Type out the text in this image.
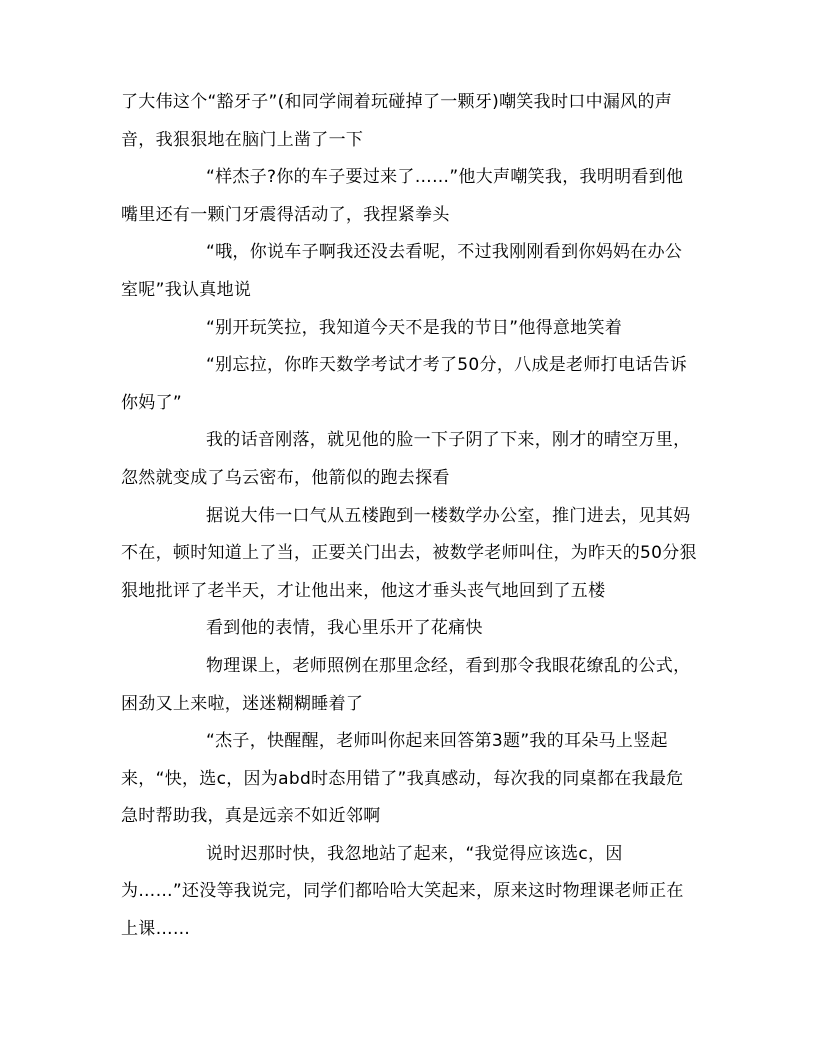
了大伟这个“豁牙子”(和同学闹着玩碰掉了一颗牙)嘲笑我时口中漏风的声音，我狠狠地在脑门上凿了一下

“样杰子?你的车子要过来了……”他大声嘲笑我，我明明看到他嘴里还有一颗门牙震得活动了，我捏紧拳头

“哦，你说车子啊我还没去看呢，不过我刚刚看到你妈妈在办公室呢”我认真地说

“别开玩笑拉，我知道今天不是我的节日”他得意地笑着

“别忘拉，你昨天数学考试才考了50分，八成是老师打电话告诉你妈了”

我的话音刚落，就见他的脸一下子阴了下来，刚才的晴空万里，忽然就变成了乌云密布，他箭似的跑去探看

据说大伟一口气从五楼跑到一楼数学办公室，推门进去，见其妈不在，顿时知道上了当，正要关门出去，被数学老师叫住，为昨天的50分狠狠地批评了老半天，才让他出来，他这才垂头丧气地回到了五楼

看到他的表情，我心里乐开了花痛快

物理课上，老师照例在那里念经，看到那令我眼花缭乱的公式，困劲又上来啦，迷迷糊糊睡着了

“杰子，快醒醒，老师叫你起来回答第3题”我的耳朵马上竖起来，“快，选c，因为abd时态用错了”我真感动，每次我的同桌都在我最危急时帮助我，真是远亲不如近邻啊

说时迟那时快，我忽地站了起来，“我觉得应该选c，因为……”还没等我说完，同学们都哈哈大笑起来，原来这时物理课老师正在上课……
